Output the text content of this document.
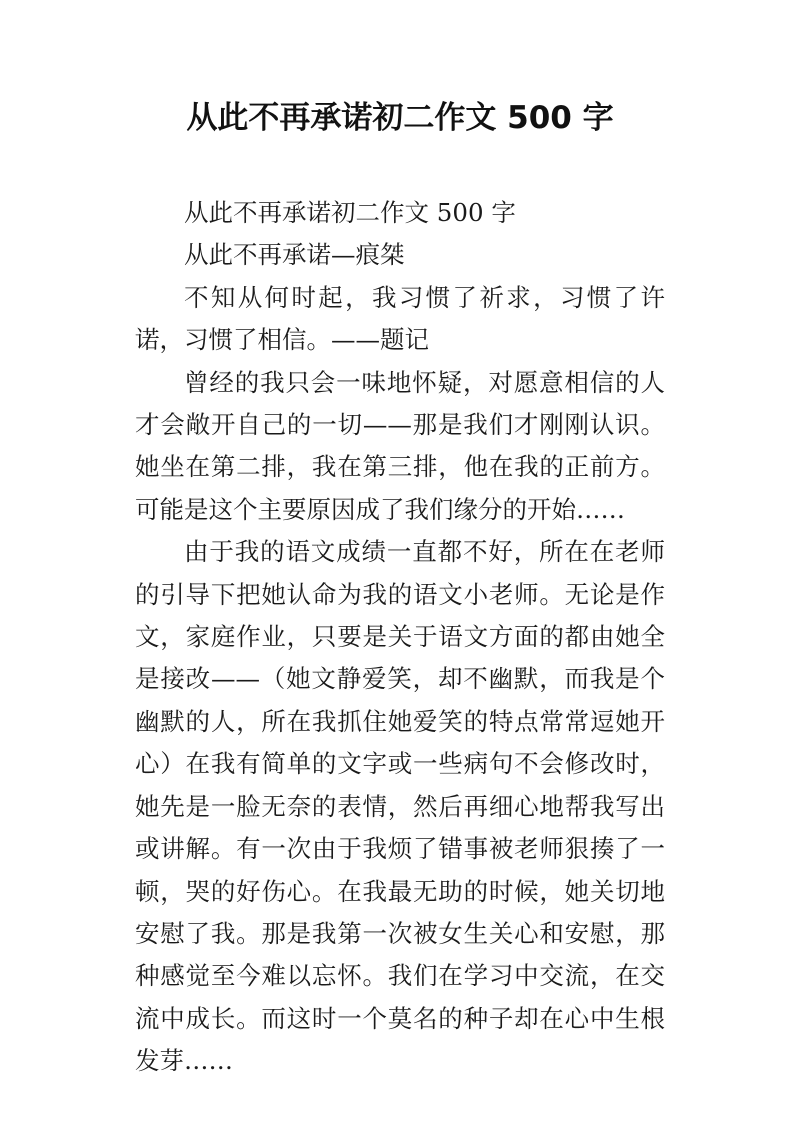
从此不再承诺初二作文 500 字

从此不再承诺初二作文 500 字

从此不再承诺—痕桀

不知从何时起，我习惯了祈求，习惯了许诺，习惯了相信。——题记

曾经的我只会一味地怀疑，对愿意相信的人才会敞开自己的一切——那是我们才刚刚认识。她坐在第二排，我在第三排，他在我的正前方。可能是这个主要原因成了我们缘分的开始……

由于我的语文成绩一直都不好，所在在老师的引导下把她认命为我的语文小老师。无论是作文，家庭作业，只要是关于语文方面的都由她全是接改——（她文静爱笑，却不幽默，而我是个幽默的人，所在我抓住她爱笑的特点常常逗她开心）在我有简单的文字或一些病句不会修改时，她先是一脸无奈的表情，然后再细心地帮我写出或讲解。有一次由于我烦了错事被老师狠揍了一顿，哭的好伤心。在我最无助的时候，她关切地安慰了我。那是我第一次被女生关心和安慰，那种感觉至今难以忘怀。我们在学习中交流，在交流中成长。而这时一个莫名的种子却在心中生根发芽……
